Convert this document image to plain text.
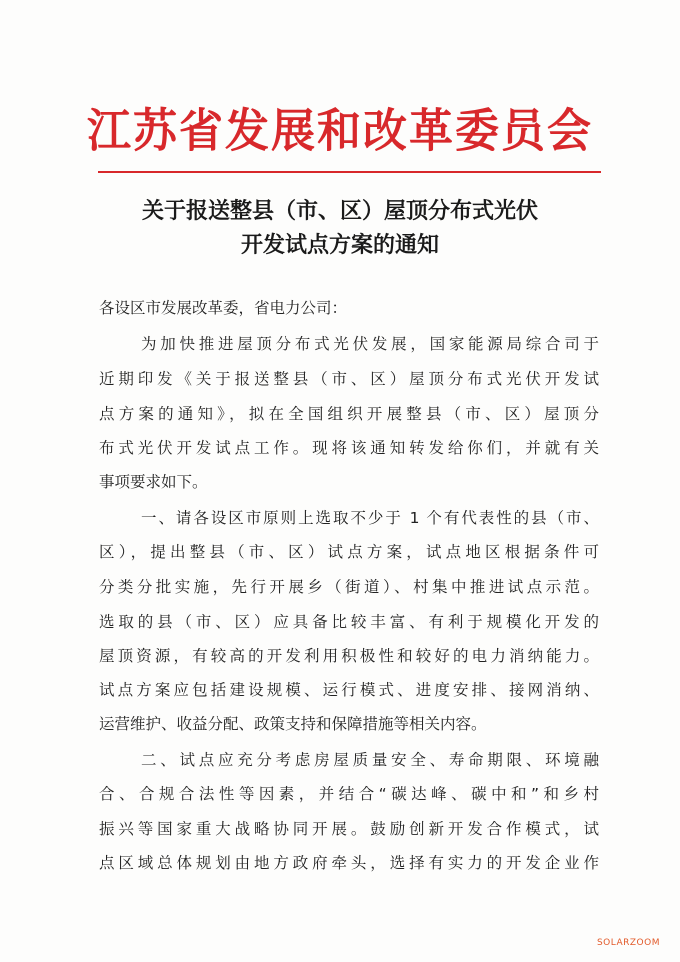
江苏省发展和改革委员会
关于报送整县（市、区）屋顶分布式光伏
开发试点方案的通知
各设区市发展改革委，省电力公司：
为加快推进屋顶分布式光伏发展，国家能源局综合司于
近期印发《关于报送整县（市、区）屋顶分布式光伏开发试
点方案的通知》，拟在全国组织开展整县（市、区）屋顶分
布式光伏开发试点工作。现将该通知转发给你们，并就有关
事项要求如下。
一、请各设区市原则上选取不少于 1 个有代表性的县（市、
区），提出整县（市、区）试点方案，试点地区根据条件可
分类分批实施，先行开展乡（街道）、村集中推进试点示范。
选取的县（市、区）应具备比较丰富、有利于规模化开发的
屋顶资源，有较高的开发利用积极性和较好的电力消纳能力。
试点方案应包括建设规模、运行模式、进度安排、接网消纳、
运营维护、收益分配、政策支持和保障措施等相关内容。
二、试点应充分考虑房屋质量安全、寿命期限、环境融
合、合规合法性等因素，并结合“碳达峰、碳中和”和乡村
振兴等国家重大战略协同开展。鼓励创新开发合作模式，试
点区域总体规划由地方政府牵头，选择有实力的开发企业作
SOLARZOOM
